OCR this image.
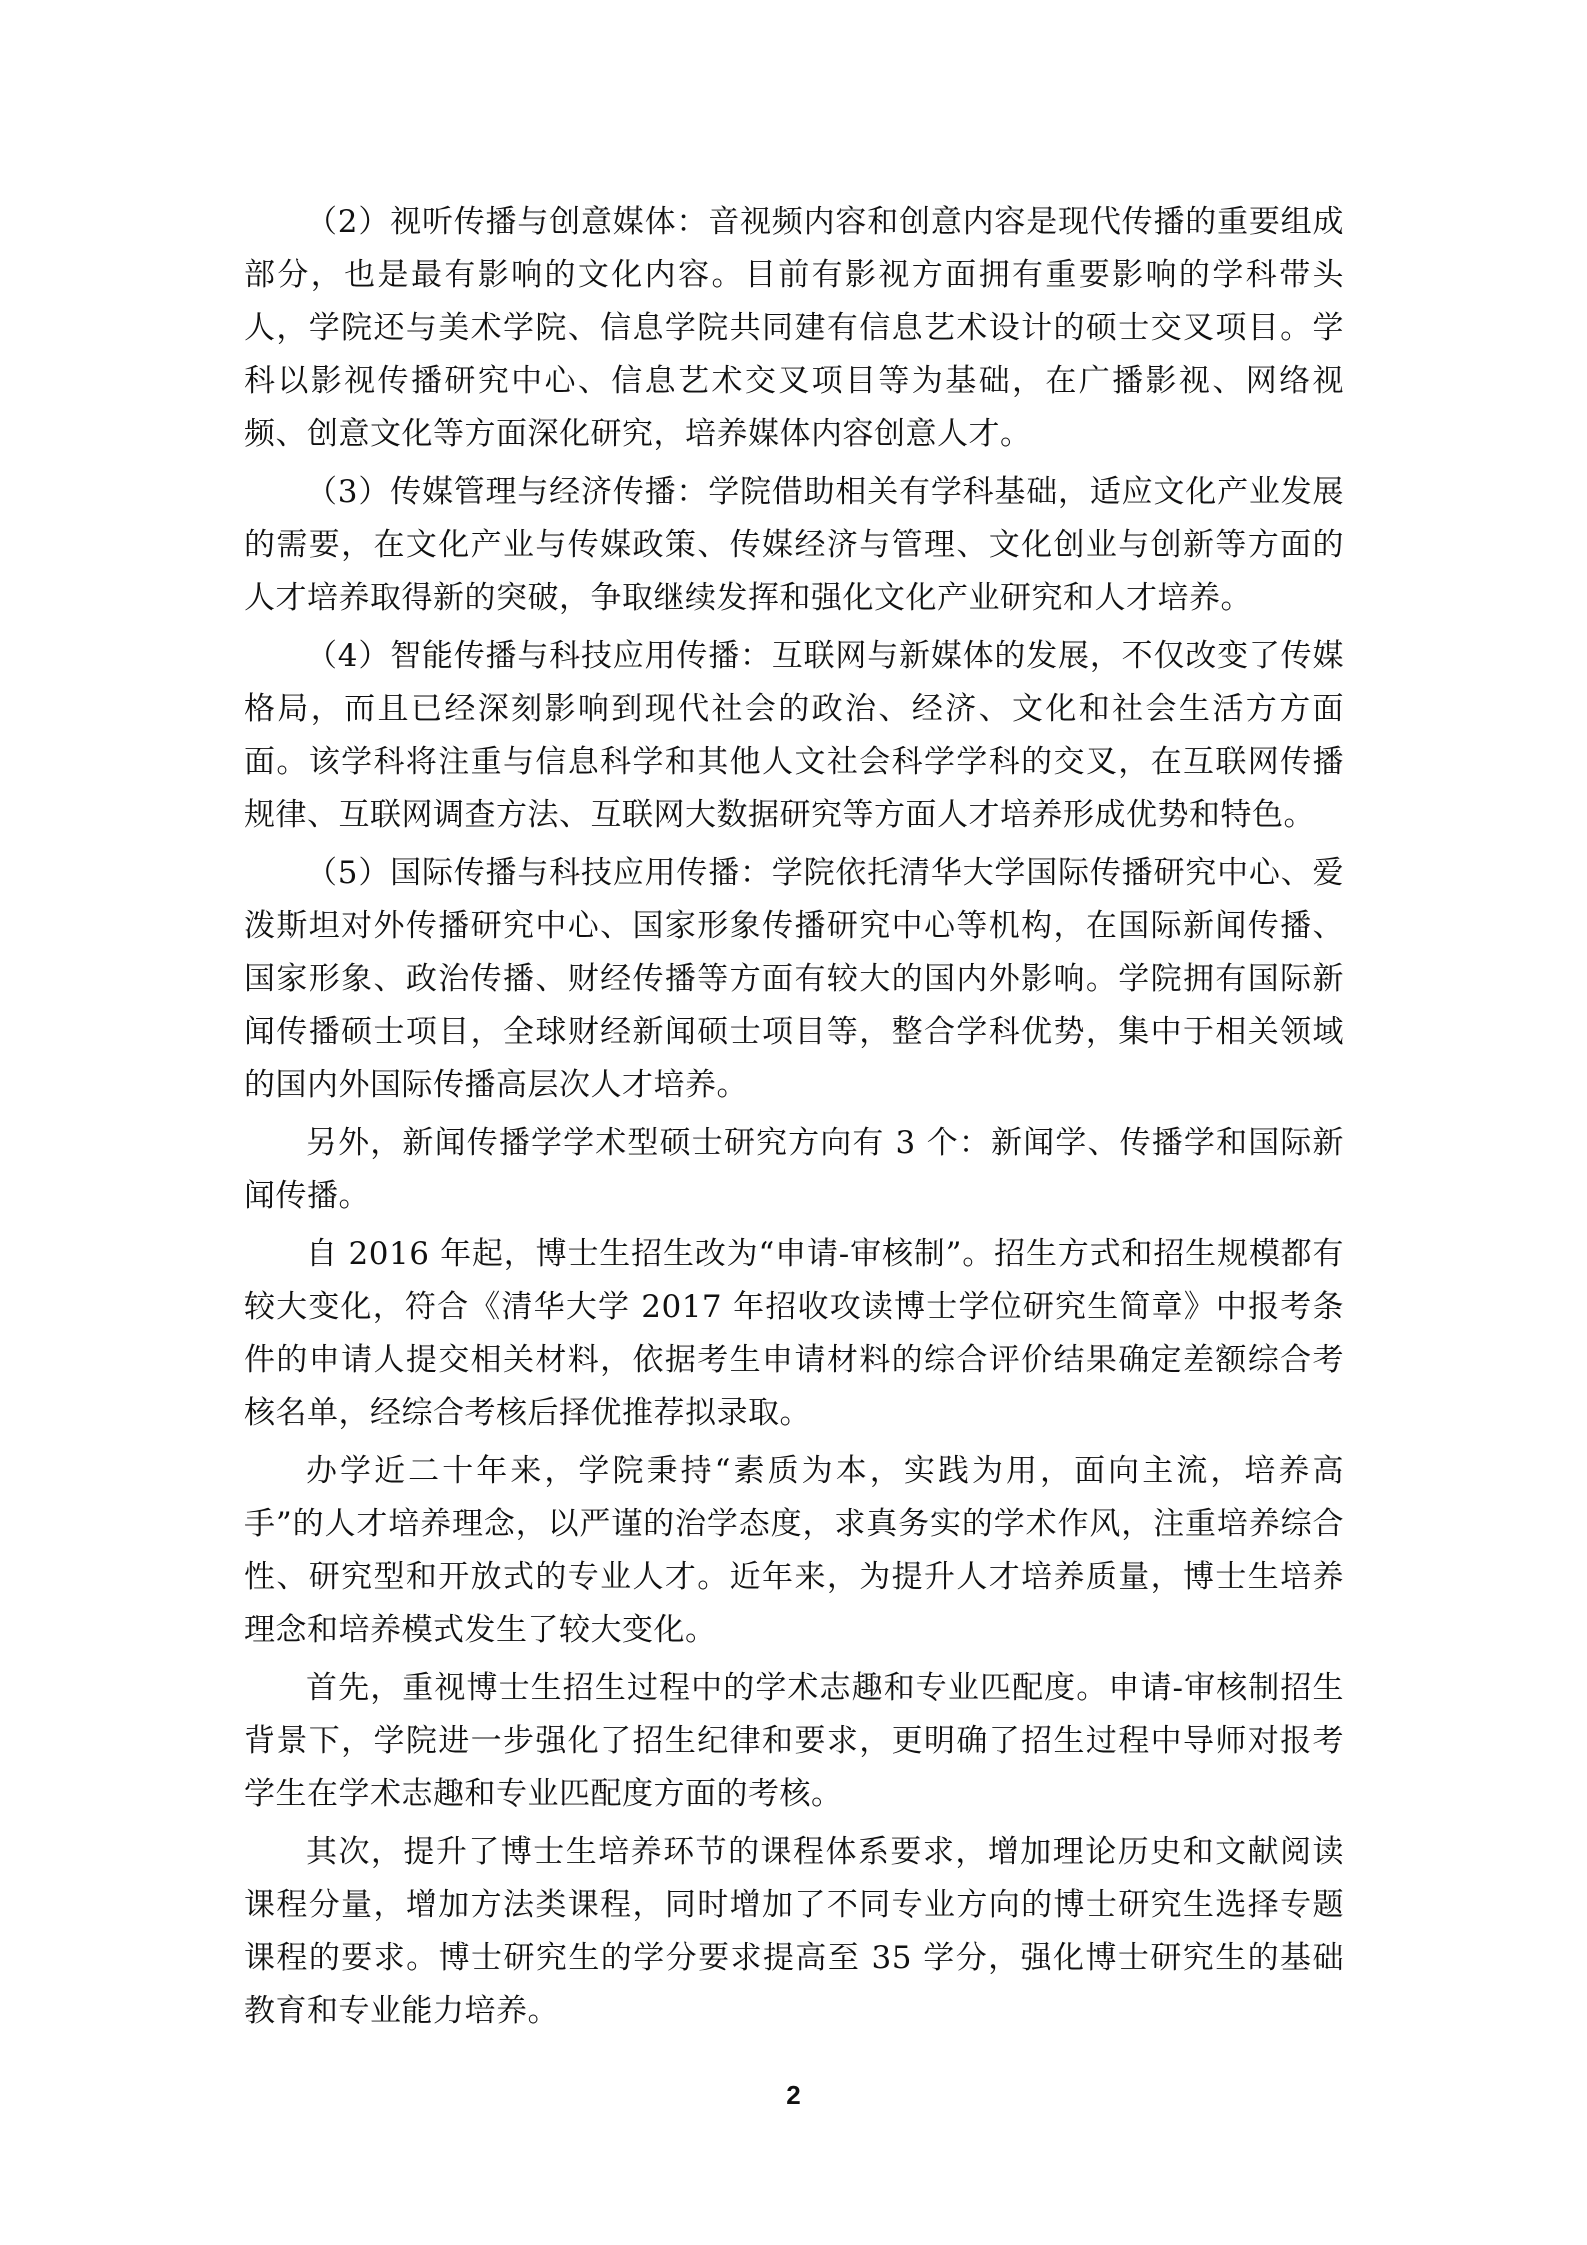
（2）视听传播与创意媒体：音视频内容和创意内容是现代传播的重要组成部分，也是最有影响的文化内容。目前有影视方面拥有重要影响的学科带头人，学院还与美术学院、信息学院共同建有信息艺术设计的硕士交叉项目。学科以影视传播研究中心、信息艺术交叉项目等为基础，在广播影视、网络视频、创意文化等方面深化研究，培养媒体内容创意人才。

（3）传媒管理与经济传播：学院借助相关有学科基础，适应文化产业发展的需要，在文化产业与传媒政策、传媒经济与管理、文化创业与创新等方面的人才培养取得新的突破，争取继续发挥和强化文化产业研究和人才培养。

（4）智能传播与科技应用传播：互联网与新媒体的发展，不仅改变了传媒格局，而且已经深刻影响到现代社会的政治、经济、文化和社会生活方方面面。该学科将注重与信息科学和其他人文社会科学学科的交叉，在互联网传播规律、互联网调查方法、互联网大数据研究等方面人才培养形成优势和特色。

（5）国际传播与科技应用传播：学院依托清华大学国际传播研究中心、爱泼斯坦对外传播研究中心、国家形象传播研究中心等机构，在国际新闻传播、国家形象、政治传播、财经传播等方面有较大的国内外影响。学院拥有国际新闻传播硕士项目，全球财经新闻硕士项目等，整合学科优势，集中于相关领域的国内外国际传播高层次人才培养。

另外，新闻传播学学术型硕士研究方向有 3 个：新闻学、传播学和国际新闻传播。

自 2016 年起，博士生招生改为“申请-审核制”。招生方式和招生规模都有较大变化，符合《清华大学 2017 年招收攻读博士学位研究生简章》中报考条件的申请人提交相关材料，依据考生申请材料的综合评价结果确定差额综合考核名单，经综合考核后择优推荐拟录取。

办学近二十年来，学院秉持“素质为本，实践为用，面向主流，培养高手”的人才培养理念，以严谨的治学态度，求真务实的学术作风，注重培养综合性、研究型和开放式的专业人才。近年来，为提升人才培养质量，博士生培养理念和培养模式发生了较大变化。

首先，重视博士生招生过程中的学术志趣和专业匹配度。申请-审核制招生背景下，学院进一步强化了招生纪律和要求，更明确了招生过程中导师对报考学生在学术志趣和专业匹配度方面的考核。

其次，提升了博士生培养环节的课程体系要求，增加理论历史和文献阅读课程分量，增加方法类课程，同时增加了不同专业方向的博士研究生选择专题课程的要求。博士研究生的学分要求提高至 35 学分，强化博士研究生的基础教育和专业能力培养。

2
